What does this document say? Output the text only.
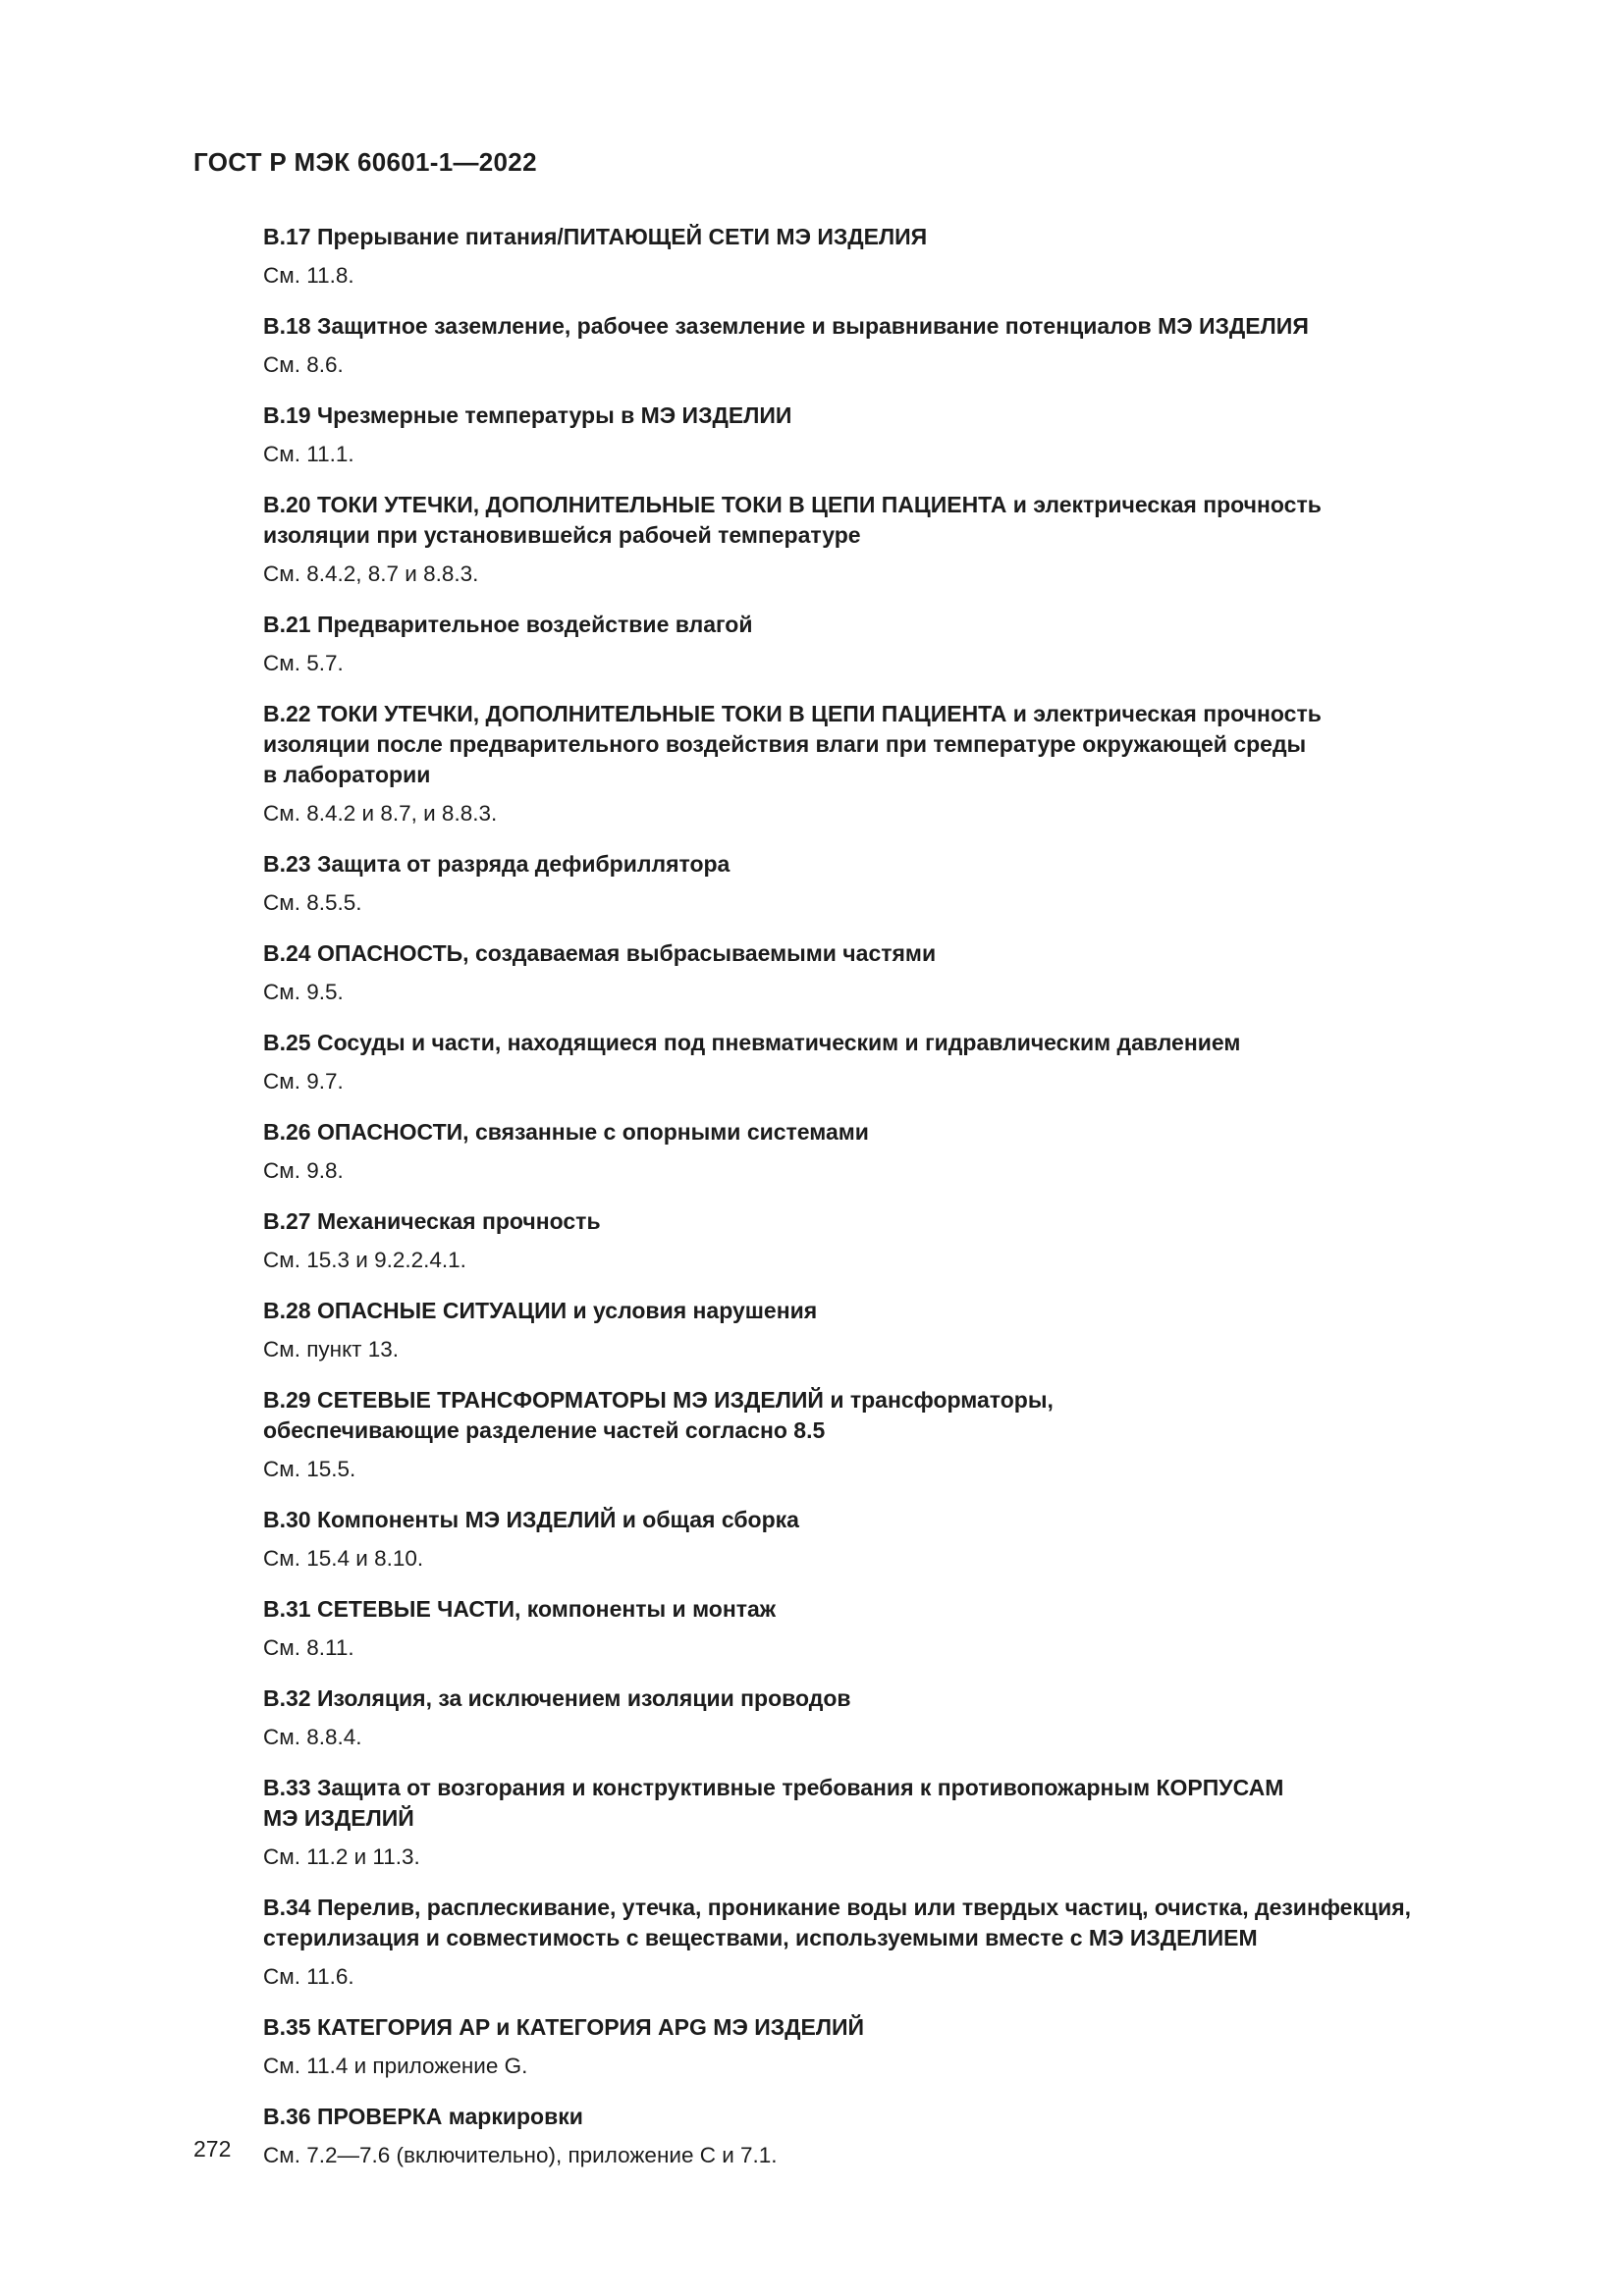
ГОСТ Р МЭК 60601-1—2022

B.17 Прерывание питания/ПИТАЮЩЕЙ СЕТИ МЭ ИЗДЕЛИЯ

См. 11.8.

B.18 Защитное заземление, рабочее заземление и выравнивание потенциалов МЭ ИЗДЕЛИЯ

См. 8.6.

B.19 Чрезмерные температуры в МЭ ИЗДЕЛИИ

См. 11.1.

B.20 ТОКИ УТЕЧКИ, ДОПОЛНИТЕЛЬНЫЕ ТОКИ В ЦЕПИ ПАЦИЕНТА и электрическая прочность
изоляции при установившейся рабочей температуре

См. 8.4.2, 8.7 и 8.8.3.

B.21 Предварительное воздействие влагой

См. 5.7.

B.22 ТОКИ УТЕЧКИ, ДОПОЛНИТЕЛЬНЫЕ ТОКИ В ЦЕПИ ПАЦИЕНТА и электрическая прочность
изоляции после предварительного воздействия влаги при температуре окружающей среды
в лаборатории

См. 8.4.2 и 8.7, и 8.8.3.

B.23 Защита от разряда дефибриллятора

См. 8.5.5.

B.24 ОПАСНОСТЬ, создаваемая выбрасываемыми частями

См. 9.5.

B.25 Сосуды и части, находящиеся под пневматическим и гидравлическим давлением

См. 9.7.

B.26 ОПАСНОСТИ, связанные с опорными системами

См. 9.8.

B.27 Механическая прочность

См. 15.3 и 9.2.2.4.1.

B.28 ОПАСНЫЕ СИТУАЦИИ и условия нарушения

См. пункт 13.

B.29 СЕТЕВЫЕ ТРАНСФОРМАТОРЫ МЭ ИЗДЕЛИЙ и трансформаторы,
обеспечивающие разделение частей согласно 8.5

См. 15.5.

B.30 Компоненты МЭ ИЗДЕЛИЙ и общая сборка

См. 15.4 и 8.10.

B.31 СЕТЕВЫЕ ЧАСТИ, компоненты и монтаж

См. 8.11.

B.32 Изоляция, за исключением изоляции проводов

См. 8.8.4.

B.33 Защита от возгорания и конструктивные требования к противопожарным КОРПУСАМ
МЭ ИЗДЕЛИЙ

См. 11.2 и 11.3.

B.34 Перелив, расплескивание, утечка, проникание воды или твердых частиц, очистка, дезинфекция,
стерилизация и совместимость с веществами, используемыми вместе с МЭ ИЗДЕЛИЕМ

См. 11.6.

B.35 КАТЕГОРИЯ AP и КАТЕГОРИЯ APG МЭ ИЗДЕЛИЙ

См. 11.4 и приложение G.

B.36 ПРОВЕРКА маркировки

См. 7.2—7.6 (включительно), приложение C и 7.1.

272
